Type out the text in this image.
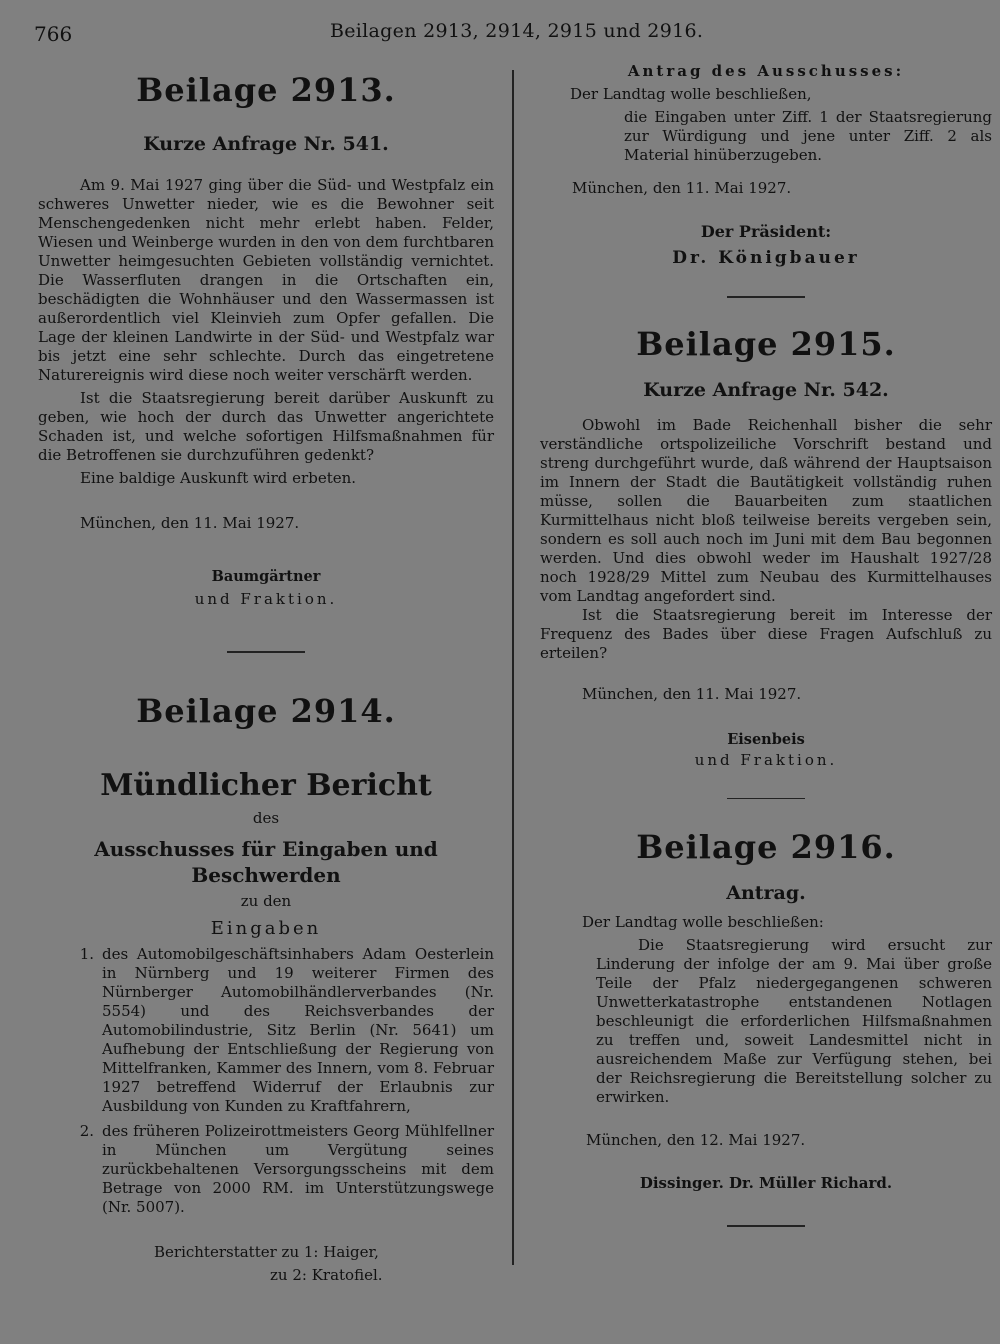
766	Beilagen 2913, 2914, 2915 und 2916.
Beilage 2913.
Kurze Anfrage Nr. 541.

Am 9. Mai 1927 ging über die Süd- und Westpfalz ein schweres Unwetter nieder, wie es die Bewohner seit Menschengedenken nicht mehr erlebt haben. Felder, Wiesen und Weinberge wurden in den von dem furchtbaren Unwetter heimgesuchten Gebieten vollständig vernichtet. Die Wasserfluten drangen in die Ortschaften ein, beschädigten die Wohnhäuser und den Wassermassen ist außerordentlich viel Kleinvieh zum Opfer gefallen. Die Lage der kleinen Landwirte in der Süd- und Westpfalz war bis jetzt eine sehr schlechte. Durch das eingetretene Naturereignis wird diese noch weiter verschärft werden.

Ist die Staatsregierung bereit darüber Auskunft zu geben, wie hoch der durch das Unwetter angerichtete Schaden ist, und welche sofortigen Hilfsmaßnahmen für die Betroffenen sie durchzuführen gedenkt?

Eine baldige Auskunft wird erbeten.

München, den 11. Mai 1927.

Baumgärtner
und Fraktion.
Beilage 2914.
Mündlicher Bericht
des
Ausschusses für Eingaben und Beschwerden
zu den
Eingaben
1. des Automobilgeschäftsinhabers Adam Oesterlein in Nürnberg und 19 weiterer Firmen des Nürnberger Automobilhändlerverbandes (Nr. 5554) und des Reichsverbandes der Automobilindustrie, Sitz Berlin (Nr. 5641) um Aufhebung der Entschließung der Regierung von Mittelfranken, Kammer des Innern, vom 8. Februar 1927 betreffend Widerruf der Erlaubnis zur Ausbildung von Kunden zu Kraftfahrern,
2. des früheren Polizeirottmeisters Georg Mühlfellner in München um Vergütung seines zurückbehaltenen Versorgungsscheins mit dem Betrage von 2000 RM. im Unterstützungswege (Nr. 5007).
Berichterstatter zu 1: Haiger,
zu 2: Kratofiel.
Antrag des Ausschusses:
Der Landtag wolle beschließen,
die Eingaben unter Ziff. 1 der Staatsregierung zur Würdigung und jene unter Ziff. 2 als Material hinüberzugeben.
München, den 11. Mai 1927.
Der Präsident:
Dr. Königbauer
Beilage 2915.
Kurze Anfrage Nr. 542.

Obwohl im Bade Reichenhall bisher die sehr verständliche ortspolizeiliche Vorschrift bestand und streng durchgeführt wurde, daß während der Hauptsaison im Innern der Stadt die Bautätigkeit vollständig ruhen müsse, sollen die Bauarbeiten zum staatlichen Kurmittelhaus nicht bloß teilweise bereits vergeben sein, sondern es soll auch noch im Juni mit dem Bau begonnen werden. Und dies obwohl weder im Haushalt 1927/28 noch 1928/29 Mittel zum Neubau des Kurmittelhauses vom Landtag angefordert sind.

Ist die Staatsregierung bereit im Interesse der Frequenz des Bades über diese Fragen Aufschluß zu erteilen?

München, den 11. Mai 1927.

Eisenbeis
und Fraktion.
Beilage 2916.
Antrag.
Der Landtag wolle beschließen:
Die Staatsregierung wird ersucht zur Linderung der infolge der am 9. Mai über große Teile der Pfalz niedergegangenen schweren Unwetterkatastrophe entstandenen Notlagen beschleunigt die erforderlichen Hilfsmaßnahmen zu treffen und, soweit Landesmittel nicht in ausreichendem Maße zur Verfügung stehen, bei der Reichsregierung die Bereitstellung solcher zu erwirken.
München, den 12. Mai 1927.
Dissinger. Dr. Müller Richard.
